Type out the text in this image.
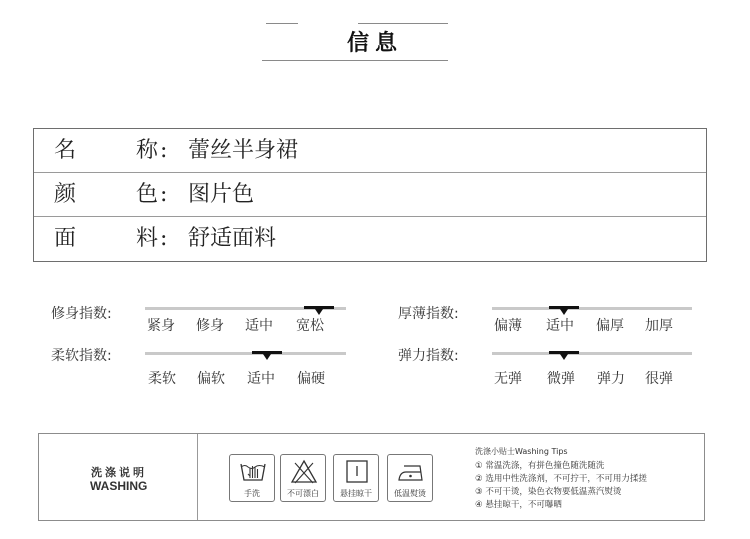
信息
名	称 : 蕾丝半身裙
颜	色 : 图片色
面	料 : 舒适面料
修身指数:
紧身 修身 适中 宽松
厚薄指数:
偏薄 适中 偏厚 加厚
柔软指数:
柔软 偏软 适中 偏硬
弹力指数:
无弹 微弹 弹力 很弹
洗涤说明
WASHING
手洗	不可漂白	悬挂晾干	低温熨烫
洗涤小贴士Washing Tips
① 常温洗涤，有拼色撞色随洗随洗
② 选用中性洗涤剂，不可拧干，不可用力揉搓
③ 不可干烫，染色衣物要低温蒸汽熨烫
④ 悬挂晾干，不可曝晒
